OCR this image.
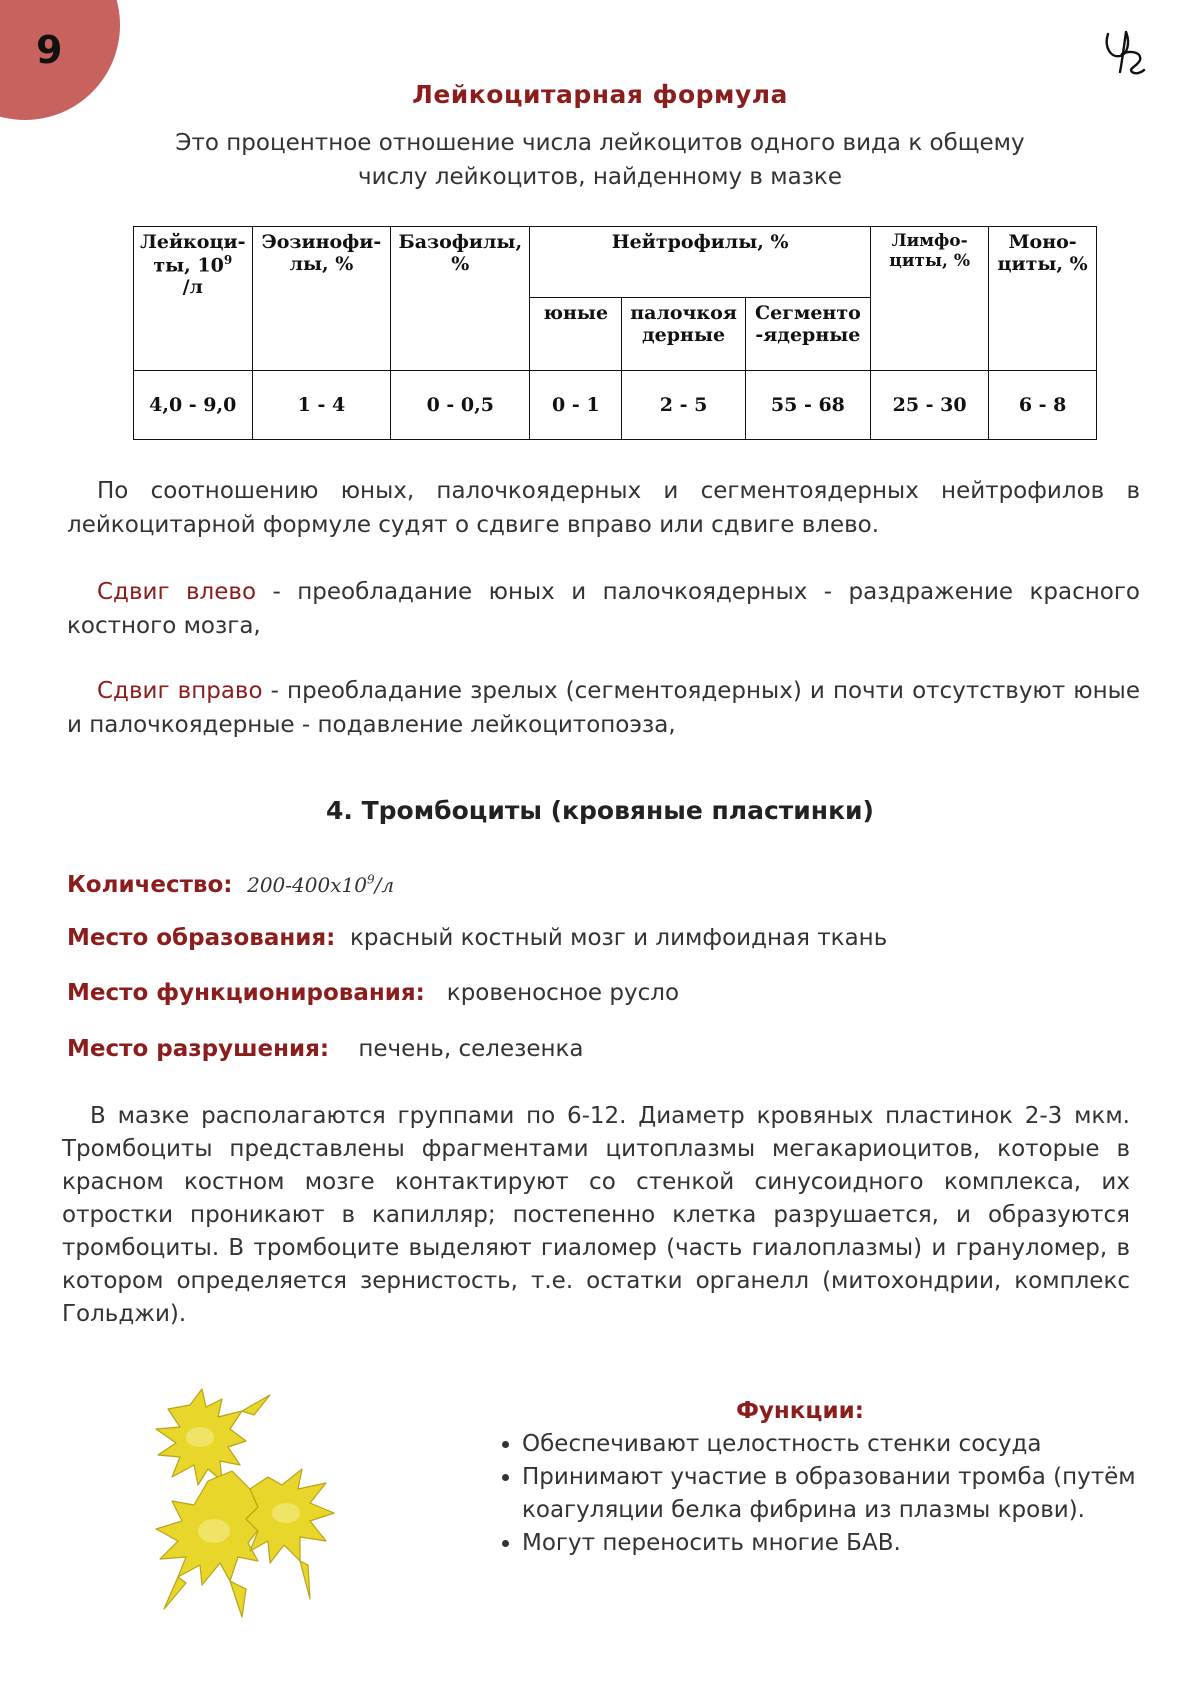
9
Лейкоцитарная формула
Это процентное отношение числа лейкоцитов одного вида к общему числу лейкоцитов, найденному в мазке
Лейкоци-
ты, $10^9$
/л	Эозинофи-лы, %	Базофилы, %	Нейтрофилы, %			Лимфо-циты, %	Моно-циты, %
			юные	палочкоя дерные	Сегменто -ядерные		
4,0 - 9,0	1 - 4	0 - 0,5	0 - 1	2 - 5	55 - 68	25 - 30	6 - 8
По соотношению юных, палочкоядерных и сегментоядерных нейтрофилов в лейкоцитарной формуле судят о сдвиге вправо или сдвиге влево.
Сдвиг влево - преобладание юных и палочкоядерных - раздражение красного костного мозга,
Сдвиг вправо - преобладание зрелых (сегментоядерных) и почти отсутствуют юные и палочкоядерные - подавление лейкоцитопоэза,
4. Тромбоциты (кровяные пластинки)
Количество: $200-400х10^9/л$
Место образования: красный костный мозг и лимфоидная ткань
Место функционирования: кровеносное русло
Место разрушения: печень, селезенка
В мазке располагаются группами по 6-12. Диаметр кровяных пластинок 2-3 мкм. Тромбоциты представлены фрагментами цитоплазмы мегакариоцитов, которые в красном костном мозге контактируют со стенкой синусоидного комплекса, их отростки проникают в капилляр; постепенно клетка разрушается, и образуются тромбоциты. В тромбоците выделяют гиаломер (часть гиалоплазмы) и грануломер, в котором определяется зернистость, т.е. остатки органелл (митохондрии, комплекс Гольджи).
Функции:
• Обеспечивают целостность стенки сосуда
• Принимают участие в образовании тромба (путём коагуляции белка фибрина из плазмы крови).
• Могут переносить многие БАВ.
